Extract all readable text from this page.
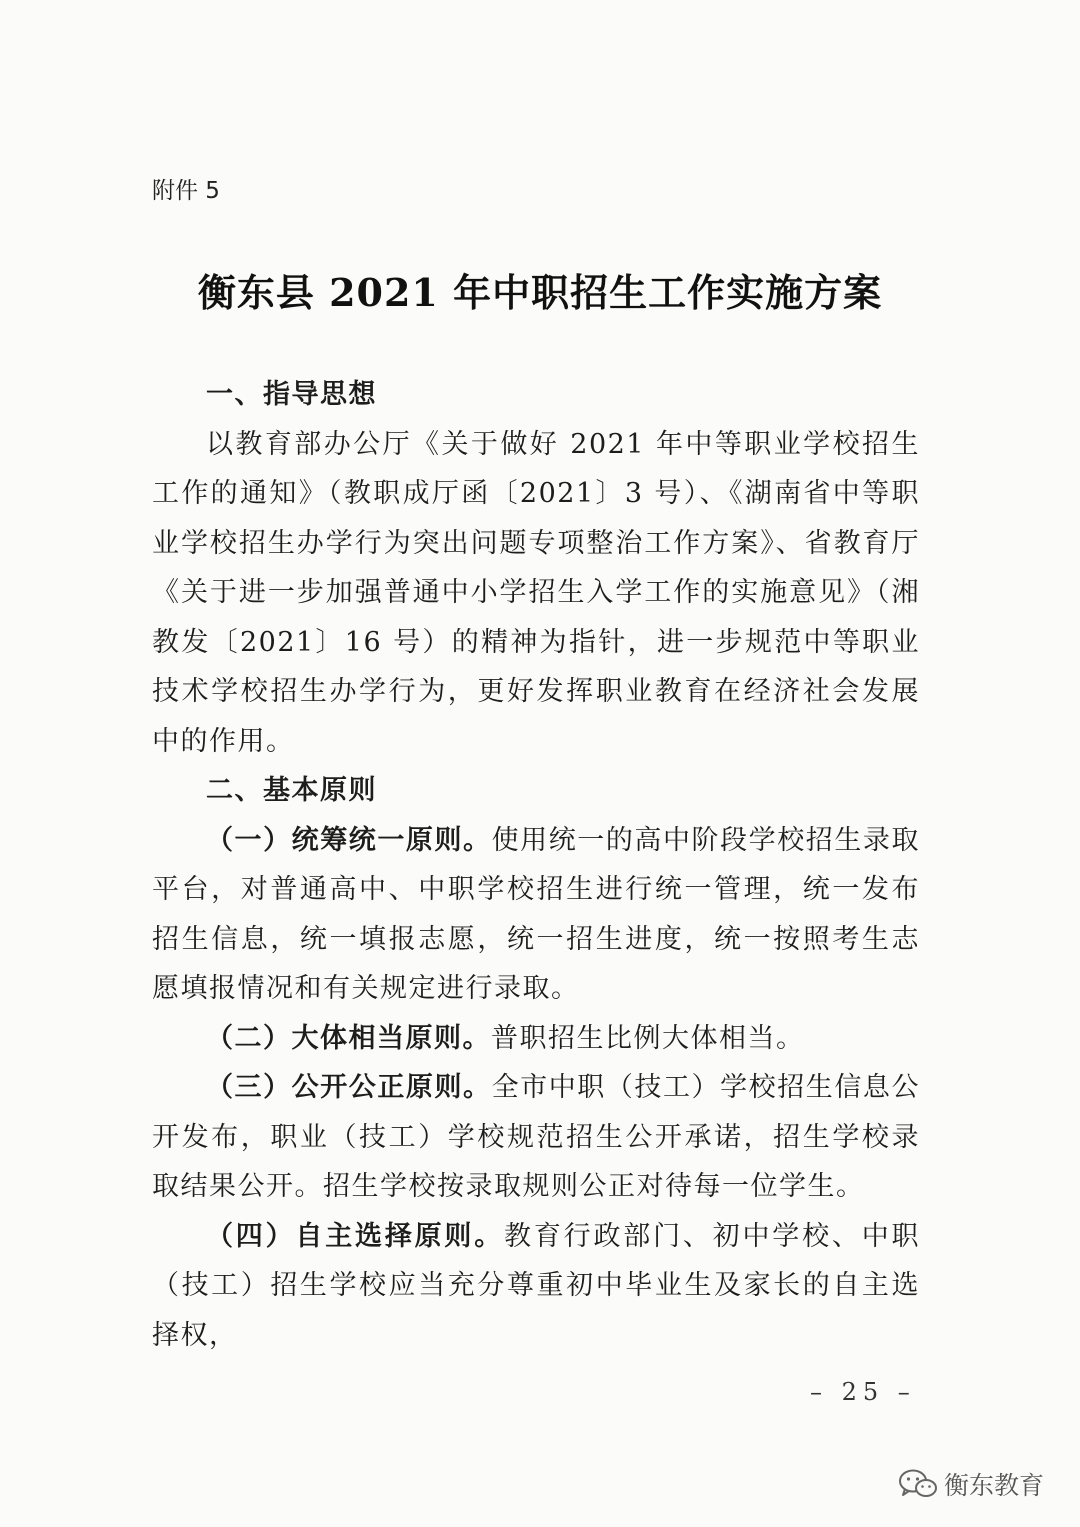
附件 5
衡东县 2021 年中职招生工作实施方案
一、指导思想

以教育部办公厅《关于做好 2021 年中等职业学校招生工作的通知》（教职成厅函〔2021〕3 号）、《湖南省中等职业学校招生办学行为突出问题专项整治工作方案》、省教育厅《关于进一步加强普通中小学招生入学工作的实施意见》（湘教发〔2021〕16 号）的精神为指针，进一步规范中等职业技术学校招生办学行为，更好发挥职业教育在经济社会发展中的作用。

二、基本原则

（一）统筹统一原则。使用统一的高中阶段学校招生录取平台，对普通高中、中职学校招生进行统一管理，统一发布招生信息，统一填报志愿，统一招生进度，统一按照考生志愿填报情况和有关规定进行录取。

（二）大体相当原则。普职招生比例大体相当。

（三）公开公正原则。全市中职（技工）学校招生信息公开发布，职业（技工）学校规范招生公开承诺，招生学校录取结果公开。招生学校按录取规则公正对待每一位学生。

（四）自主选择原则。教育行政部门、初中学校、中职（技工）招生学校应当充分尊重初中毕业生及家长的自主选择权，

– 25 –
衡东教育
